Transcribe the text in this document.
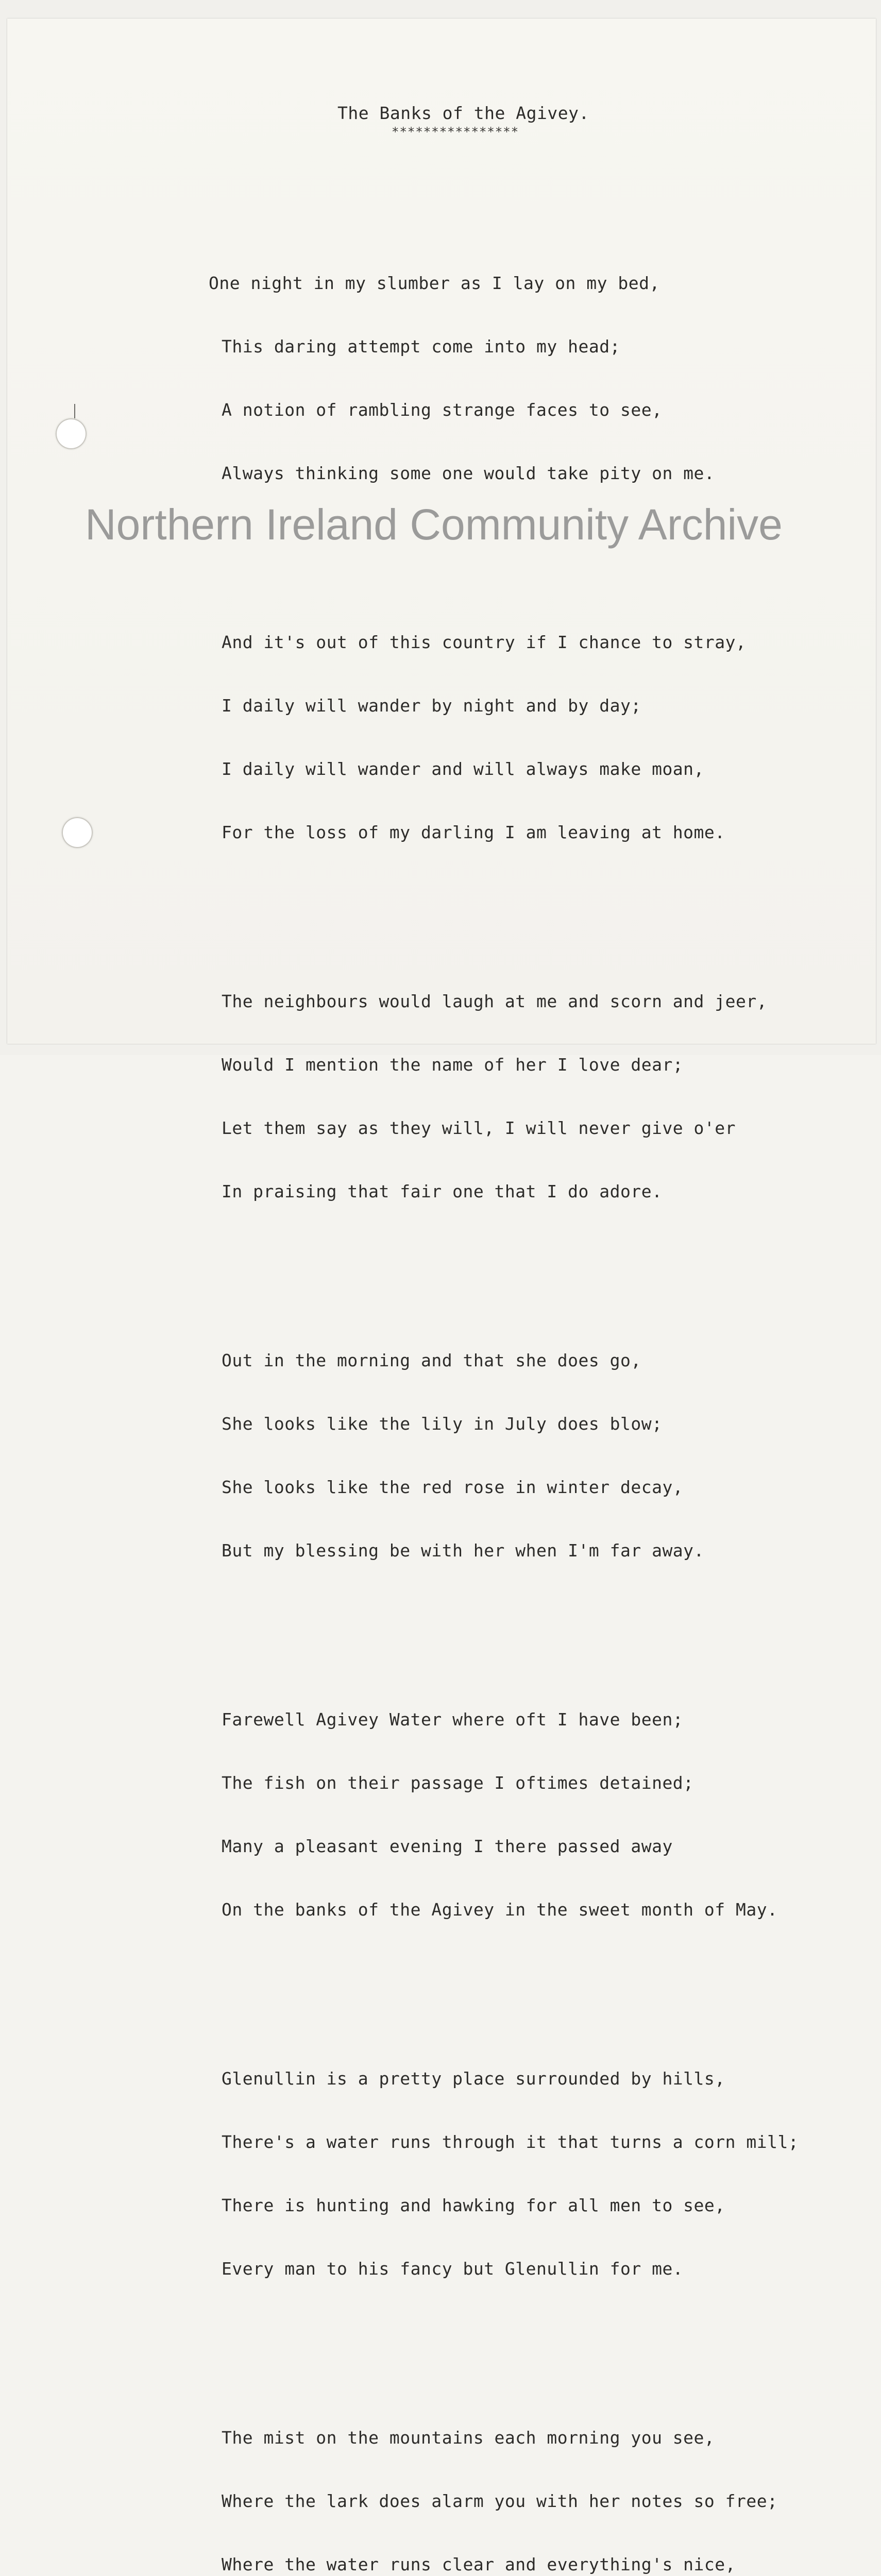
The Banks of the Agivey.
****************

One night in my slumber as I lay on my bed,

This daring attempt come into my head;

A notion of rambling strange faces to see,

Always thinking some one would take pity on me.

And it's out of this country if I chance to stray,

I daily will wander by night and by day;

I daily will wander and will always make moan,

For the loss of my darling I am leaving at home.

The neighbours would laugh at me and scorn and jeer,

Would I mention the name of her I love dear;

Let them say as they will, I will never give o'er

In praising that fair one that I do adore.

Out in the morning and that she does go,

She looks like the lily in July does blow;

She looks like the red rose in winter decay,

But my blessing be with her when I'm far away.

Farewell Agivey Water where oft I have been;

The fish on their passage I oftimes detained;

Many a pleasant evening I there passed away

On the banks of the Agivey in the sweet month of May.

Glenullin is a pretty place surrounded by hills,

There's a water runs through it that turns a corn mill;

There is hunting and hawking for all men to see,

Every man to his fancy but Glenullin for me.

The mist on the mountains each morning you see,

Where the lark does alarm you with her notes so free;

Where the water runs clear and everything's nice,

Northern Ireland Community Archive
